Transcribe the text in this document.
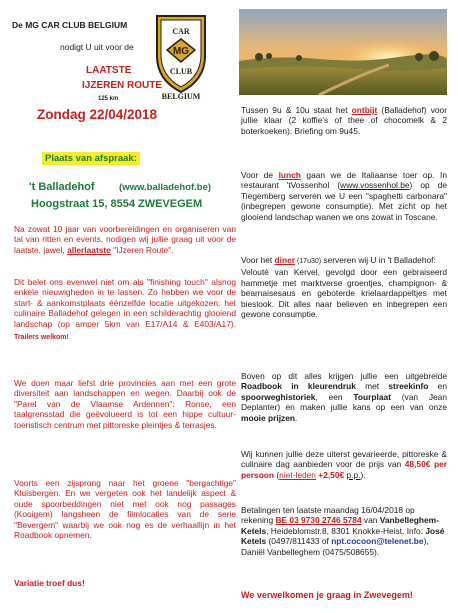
De MG CAR CLUB BELGIUM
nodigt U uit voor de
LAATSTE
IJZEREN ROUTE
125 km
Zondag 22/04/2018
CAR
MG
CLUB
BELGIUM
Plaats van afspraak:
't Balladehof	(www.balladehof.be)
Hoogstraat 15, 8554 ZWEVEGEM
Na zowat 10 jaar van voorbereidingen en organiseren van tal van ritten en events, nodigen wij jullie graag uit voor de laatste, jawel, allerlaatste "IJzeren Route".
Dit belet ons evenwel niet om als "finishing touch" alsnog enkele nieuwigheden in te lassen. Zo hebben we voor de start- & aankomstplaats éénzelfde locatie uitgekozen: het culinaire Balladehof gelegen in een schilderachtig glooiend landschap (op amper 5km van E17/A14 & E403/A17). Trailers welkom!
We doen maar liefst drie provincies aan met een grote diversiteit aan landschappen en wegen. Daarbij ook de "Parel van de Vlaamse Ardennen": Ronse, een taalgrensstad die geëvolueerd is tot een hippe cultuur-toeristisch centrum met pittoreske pleintjes & terrasjes.
Voorts een zijsprong naar het groene "bergachtige" Kluisbergen. En we vergeten ook het landelijk aspect & oude spoorbeddingen niet met ook nog passages (Kooigem) langsheen de filmlocaties van de serie "Bevergem" waarbij we ook nog es de verhaallijn in het Roadbook opnemen.
Variatie troef dus!
Tussen 9u & 10u staat het ontbijt (Balladehof) voor jullie klaar (2 koffie's of thee of chocomelk & 2 boterkoeken). Briefing om 9u45.
Voor de lunch gaan we de Italiaanse toer op. In restaurant 'tVossenhol (www.vossenhol.be) op de Tiegemberg serveren we U een "spaghetti carbonara" (inbegrepen gewone consumptie). Met zicht op het glooiend landschap wanen we ons zowat in Toscane.
Voor het diner (17u30) serveren wij U in 't Balladehof:
Velouté van Kervel, gevolgd door een gebraiseerd hammetje met marktverse groentjes, champignon- & bearnaisesaus en geboterde krielaardappeltjes met bieslook. Dit alles naar believen en inbegrepen een gewone consumptie.
Boven op dit alles krijgen jullie een uitgebreide Roadbook in kleurendruk met streekinfo en spoorweghistoriek, een Tourplaat (van Jean Deplanter) en maken jullie kans op een van onze mooie prijzen.
Wij kunnen jullie deze uiterst gevarieerde, pittoreske & culinaire dag aanbieden voor de prijs van 48,50€ per persoon (niet-leden +2,50€ p.p.).
Betalingen ten laatste maandag 16/04/2018 op rekening BE 03 9730 2746 5784 van Vanbelleghem-Ketels, Heideblomstr.8, 8301 Knokke-Heist. Info: José Ketels (0497/811433 of npt.cocoon@telenet.be), Daniël Vanbelleghem (0475/508655).
We verwelkomen je graag in Zwevegem!
